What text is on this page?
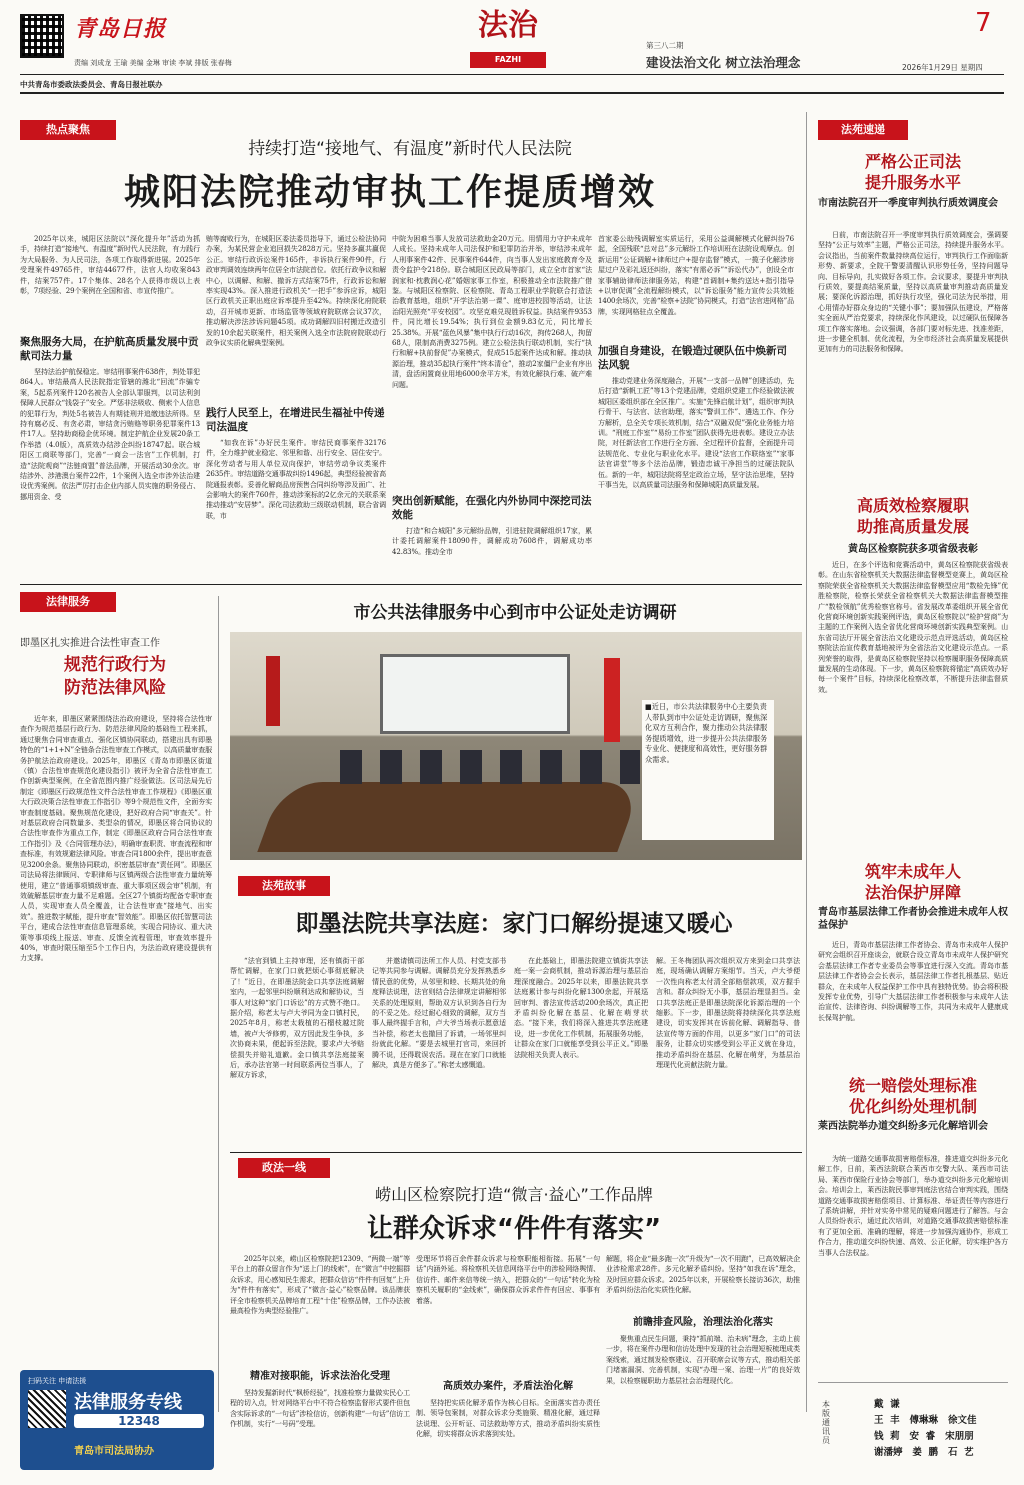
青岛日报
责编 刘成龙 王瑜 美编 金琳 审读 李斌 排版 张春梅
中共青岛市委政法委员会、青岛日报社联办
法治
FAZHI
第三八二期
建设法治文化 树立法治理念	2026年1月29日 星期四
7
热点聚焦
持续打造“接地气、有温度”新时代人民法院
城阳法院推动审执工作提质增效
2025年以来，城阳区法院以“深化提升年”活动为抓手，持续打造“接地气、有温度”新时代人民法院，有力践行为大局服务、为人民司法，各项工作取得新进展。2025年受理案件49765件，审结44677件，法官人均收案843件，结案757件。17个集体、28名个人获得市级以上表彰，7项经验、29个案例在全国和省、市宣传推广。
聚焦服务大局，在护航高质量发展中贡献司法力量
坚持法治护航保稳定。审结刑事案件638件，判处罪犯864人。审结最高人民法院指定管辖的潍北“回流”诈骗专案，5起系列案件120名被告人全部认罪服判，以司法利剑保障人民群众“钱袋子”安全。严惩非法吸收、侧索个人信息的犯罪行为，判处5名被告人有期徒刑并追缴违法所得。坚持有腐必反、有贪必肃，审结贪污贿赂等职务犯罪案件13件17人。坚持助商稳企优环境。制定护航企业发展20条工作举措（4.0版），高质效办结涉企纠纷18747起。联合城阳区工商联等部门，完善“一商会一法官”工作机制，打造“法院观商”“法链商盟”普法品牌，开展活动30余次。审结涉外、涉港澳台案件22件，1个案例入选全市涉外法治建设优秀案例。依法严厉打击企业内部人员实施的职务侵占、挪用资金、受
贿等腐败行为，在城阳区委法委员指导下，通过公检法协同办案，为某民营企业追回损失2828万元。坚持多赢共赢促公正。审结行政诉讼案件165件，非诉执行案件90件，行政审判调效连续两年位居全市法院首位。依托行政争议和解中心，以调解、和解、撤诉方式结案75件，行政诉讼和解率实现43%。深入推进行政机关“一把手”参诉应诉，城阳区行政机关正职出庭应诉率提升至42%。持续深化府院联动，召开城市更新、市场监管等领域府院联席会议37次，推动解决涉法涉诉问题45项。成功调解四旧村搬迁改造引发的10余起关联案件，相关案例入选全市法院府院联动行政争议实质化解典型案例。
践行人民至上，在增进民生福祉中传递司法温度
“如我在诉”办好民生案件。审结民商事案件32176件，全力维护就业稳定、邻里和谐、出行安全、居住安宁。深化劳动者与用人单位双向保护，审结劳动争议类案件2635件。审结道路交通事故纠纷1496起，典型经验被省高院通报表彰。妥善化解商品房预售合同纠纷等涉及面广、社会影响大的案件760件，推动涉案标的2亿余元的关联系案推动推动“安居梦”。深化司法救助三级联动机制，联合省调联，市
中院为困难当事人发放司法救助金20万元。用情用力守护未成年人成长。坚持未成年人司法保护和犯罪防治并举，审结涉未成年人刑事案件42件、民事案件644件，向当事人发出家庭教育令及责令监护令218份。联合城阳区民政局等部门，成立全市首家“法润家和·枕教润心花”婚姻家事工作室，积极推动全市法院推广借鉴。与城阳区检察院、区检察院、青岛工程职业学院联合打造法治教育基地，组织“开学法治第一课”、庭审进校园等活动，让法治阳光照亮“平安校园”。攻坚克难兑现胜诉权益。执结案件9353件，同比增长19.54%；执行到位金额9.83亿元，同比增长25.38%。开展“蓝色风暴”集中执行行动16次，拘传268人，拘留68人，限制高消费3275例。建立公检法执行联动机制，实行“执行和解+执前督促”办案模式，促成515起案件达成和解。推动执源治理，推动35起执行案件“终本清仓”，推动2家僵尸企业有序出清，盘活闲置商业用地6000余平方米，有效化解执行难、破产难问题。
突出创新赋能，在强化内外协同中深挖司法效能
打造“和合城阳”多元解纷品牌，引进驻院调解组织17家，累计委托调解案件18090件，调解成功7608件，调解成功率42.83%。推动全市
首家委公助残调解室实质运行，采用公益调解模式化解纠纷76起，全国残联“总对总”多元解纷工作培训班在法院设观摩点。创新运用“公证调解+律师过户+提存监督”模式，一揽子化解涉房屋过户及彩礼返还纠纷，落实“有需必诉”“诉讼代办”，创设全市家事辅助律师法律服务站，构建“首调制+集约送达+指引指导+以审促调”全流程解纷模式，以“诉讼服务”能力宣传公共效能1400余场次，完善“检察+法院”协同模式，打造“法官进网格”品牌，实现网格驻点全覆盖。
加强自身建设，在锻造过硬队伍中焕新司法风貌
推动党建业务深度融合，开展“一支部一品牌”创建活动，先后打造“新帆工匠”等13个党建品牌，党组织党建工作经验做法被城阳区委组织部在全区推广。实施“先锋启航计划”，组织审判执行骨干、与法官、法官助理，落实“警训工作”、遴选工作、作分方解析，总全关专项长效机制，结合“双融双促”强化业务能力培训。“刑庭工作室”“易纷工作室”团队获得先进表彰。建设立办法院，对任新法官工作进行全方面、全过程评价监督，全面提升司法规范化、专业化与职业化水平。建设“法官工作联络室”“家事法官讲堂”等多个法治品牌，锻造忠诚干净担当的过硬法院队伍。新的一年，城阳法院将坚定政治立场，坚守法治思维，坚持干事当先，以高质量司法服务和保障城阳高质量发展。
法律服务
即墨区扎实推进合法性审查工作
规范行政行为
防范法律风险
近年来，即墨区紧紧围绕法治政府建设，坚持将合法性审查作为规范基层行政行为、防范法律风险的基础性工程来抓，通过聚焦合同审查重点、强化区镇协同联动，搭建出具有即墨特色的“1+1+N”全链条合法性审查工作模式，以高质量审查服务护航法治政府建设。2025年，即墨区《青岛市即墨区街道（镇）合法性审查规范化建设指引》被评为全省合法性审查工作创新典型案例，在全省范围内推广经验做法。区司法局先后制定《即墨区行政规范性文件合法性审查工作规程》《即墨区重大行政决策合法性审查工作指引》等9个规范性文件，全面夯实审查制度基础。聚焦规范化建设，把好政府合同“审查关”。针对基层政府合同数量多、类型杂的情况，即墨区将合同协议的合法性审查作为重点工作，制定《即墨区政府合同合法性审查工作指引》及《合同管理办法》，明确审查职责、审查流程和审查标准，有效规避法律风险。审查合同1800余件，提出审查意见3200余条。聚焦协同联动，织密基层审查“责任网”。即墨区司法局将法律顾问、专职律师与区镇两级合法性审查力量统筹使用，建立“普通事项镇级审查、重大事项区级会审”机制，有效破解基层审查力量不足难题。全区27个镇街均配备专职审查人员，实现审查人员全覆盖，让合法性审查“接地气、出实效”。推进数字赋能，提升审查“智效能”。即墨区依托智慧司法平台，建成合法性审查信息管理系统，实现合同协议、重大决策等事项线上报送、审查、反馈全流程管理，审查效率提升40%，审查时限压缩至5个工作日内，为法治政府建设提供有力支撑。
扫码关注 申请法援
法律服务专线
12348
青岛市司法局协办
市公共法律服务中心到市中公证处走访调研
■近日，市公共法律服务中心主要负责人带队到市中公证处走访调研，聚焦深化双方互利合作，聚力推动公共法律服务提质增效，进一步提升公共法律服务专业化、便捷度和高效性，更好服务群众需求。
法苑故事
即墨法院共享法庭：家门口解纷提速又暖心
“法官到镇上主持审理，还有镇街干部帮忙调解，在家门口就把烦心事彻底解决了！”近日，在即墨法院金口共享法庭调解室内，一起邻里纠纷顺利达成和解协议，当事人对这种“家门口诉讼”的方式赞不绝口。据介绍，称老太与卢大爷同为金口镇村民，2025年8月，称老太栽植的石榴枝越过院墙，被卢大爷修剪，双方因此发生争执，多次协商未果，便起诉至法院，要求卢大爷赔偿损失并赔礼道歉。金口镇共享法庭接案后，承办法官第一时间联系两位当事人，了解双方诉求，
并邀请镇司法所工作人员、村党支部书记等共同参与调解。调解员充分发挥熟悉乡情民意的优势，从邻里和睦、长期共处的角度释法说理，法官则结合法律规定讲解相邻关系的处理原则，帮助双方认识到各自行为的不妥之处。经过耐心细致的调解，双方当事人最终握手言和，卢大爷当场表示愿意适当补偿，称老太也撤回了诉请，一场邻里纠纷就此化解。“要是去城里打官司，来回折腾不说，还得耽误农活。现在在家门口就能解决，真是方便多了。”称老太感慨道。
在此基础上，即墨法院建立镇街共享法庭一案一会商机制，推动诉源治理与基层治理深度融合。2025年以来，即墨法院共享法庭累计参与纠纷化解1300余起，开展巡回审判、普法宣传活动200余场次，真正把矛盾纠纷化解在基层、化解在萌芽状态。“接下来，我们将深入推进共享法庭建设，进一步优化工作机制，拓展服务功能，让群众在家门口就能享受到公平正义。”即墨法院相关负责人表示。
解。王冬梅团队再次组织双方来到金口共享法庭，现场确认调解方案细节。当天，卢大爷便一次性向称老太付清全部赔偿款项，双方握手言和。群众纠纷无小事，基层治理显担当。金口共享法庭正是即墨法院深化诉源治理的一个缩影。下一步，即墨法院将持续深化共享法庭建设，切实发挥其在诉前化解、调解指导、普法宣传等方面的作用，以更多“家门口”的司法服务，让群众切实感受到公平正义就在身边，推动矛盾纠纷在基层、化解在萌芽，为基层治理现代化贡献法院力量。
政法一线
崂山区检察院打造“微言·益心”工作品牌
让群众诉求“件件有落实”
2025年以来，崂山区检察院把12309、“两微一端”等平台上的群众留言作为“送上门的线索”，在“微言”中挖掘群众诉求，用心感知民生需求，把群众信访“件件有回复”上升为“件件有落实”，形成了“微言·益心”检察品牌。该品牌获评全市检察机关品牌培育工程“十佳”检察品牌，工作办法被最高检作为典型经验推广。
精准对接职能，诉求法治化受理
坚持发掘新时代“枫桥经验”，找准检察力量做实民心工程的切入点，针对网络平台中不符合检察监督形式要件但包含实际诉求的“一句话”涉检信访，创新构建“一句话”信访工作机制，实行“一号码”受理。
受理环节将百余件群众诉求与检察职能相衔接。拓展“一句话”内涵外延。将检察机关信息网络平台中的涉检网络舆情、信访件、邮件来信等统一纳入，把群众的“一句话”转化为检察机关履职的“金线索”，确保群众诉求件件有回应、事事有着落。
高质效办案件，矛盾法治化解
坚持把实质化解矛盾作为核心目标。全面落实首办责任制、领导包案制，对群众诉求分类施策、精准化解，通过释法说理、公开听证、司法救助等方式，推动矛盾纠纷实质性化解，切实将群众诉求落到实处。
解题，将企业“最多跑一次”升级为“一次不用跑”，已高效解决企业涉检需求28件。多元化解矛盾纠纷。坚持“如我在诉”理念，及时回应群众诉求。2025年以来，开展检察长接访36次，助推矛盾纠纷法治化实质性化解。
前瞻排查风险，治理法治化落实
聚焦重点民生问题，秉持“抓前端、治未病”理念，主动上前一步，将在案件办理和信访处理中发现的社会治理短板梳理成类案线索，通过制发检察建议、召开联席会议等方式，推动相关部门堵塞漏洞、完善机制，实现“办理一案、治理一片”的良好效果，以检察履职助力基层社会治理现代化。
法苑速递
严格公正司法
提升服务水平
市南法院召开一季度审判执行质效调度会
日前，市南法院召开一季度审判执行质效调度会，强调要坚持“公正与效率”主题，严格公正司法，持续提升服务水平。会议指出，当前案件数量持续高位运行，审判执行工作面临新形势、新要求，全院干警要清醒认识形势任务，坚持问题导向、目标导向，扎实做好各项工作。会议要求，要提升审判执行质效，要提高结案质量，坚持以高质量审判推动高质量发展；要深化诉源治理，抓好执行攻坚，强化司法为民举措，用心用情办好群众身边的“关键小事”；要加强队伍建设，严格落实全面从严治党要求，持续深化作风建设，以过硬队伍保障各项工作落实落地。会议强调，各部门要对标先进、找准差距，进一步健全机制、优化流程，为全市经济社会高质量发展提供更加有力的司法服务和保障。
高质效检察履职
助推高质量发展
黄岛区检察院获多项省级表彰
近日，在多个评选和竞赛活动中，黄岛区检察院获省级表彰。在山东省检察机关大数据法律监督模型竞赛上，黄岛区检察院荣获全省检察机关大数据法律监督模型应用“数检先锋”优胜检察院，检察长荣获全省检察机关大数据法律监督模型推广“数检领航”优秀检察官称号。省发展改革委组织开展全省优化营商环境创新实践案例评选，黄岛区检察院以“检护营商”为主题的工作案例入选全省优化营商环境创新实践典型案例。山东省司法厅开展全省法治文化建设示范点评选活动，黄岛区检察院法治宣传教育基地被评为全省法治文化建设示范点。一系列荣誉的取得，是黄岛区检察院坚持以检察履职服务保障高质量发展的生动体现。下一步，黄岛区检察院将锚定“高质效办好每一个案件”目标，持续深化检察改革，不断提升法律监督质效。
筑牢未成年人
法治保护屏障
青岛市基层法律工作者协会推进未成年人权益保护
近日，青岛市基层法律工作者协会、青岛市未成年人保护研究会组织召开座谈会，就联合设立青岛市未成年人保护研究会基层法律工作者专业委员会等事宜进行深入交流。青岛市基层法律工作者协会会长表示，基层法律工作者扎根基层、贴近群众，在未成年人权益保护工作中具有独特优势。协会将积极发挥专业优势，引导广大基层法律工作者积极参与未成年人法治宣传、法律咨询、纠纷调解等工作，共同为未成年人健康成长保驾护航。
统一赔偿处理标准
优化纠纷处理机制
莱西法院举办道交纠纷多元化解培训会
为统一道路交通事故损害赔偿标准，推进道交纠纷多元化解工作，日前，莱西法院联合莱西市交警大队、莱西市司法局、莱西市保险行业协会等部门，举办道交纠纷多元化解培训会。培训会上，莱西法院民事审判庭法官结合审判实践，围绕道路交通事故损害赔偿项目、计算标准、举证责任等内容进行了系统讲解，并针对实务中常见的疑难问题进行了解答。与会人员纷纷表示，通过此次培训，对道路交通事故损害赔偿标准有了更加全面、准确的理解，将进一步加强沟通协作，形成工作合力，推动道交纠纷快速、高效、公正化解，切实维护各方当事人合法权益。
本版通讯员
戴  谦
王  丰   傅琳琳   徐文佳
钱  莉   安  睿   宋朋朋
谢潘婷   姜  鹏   石  艺
